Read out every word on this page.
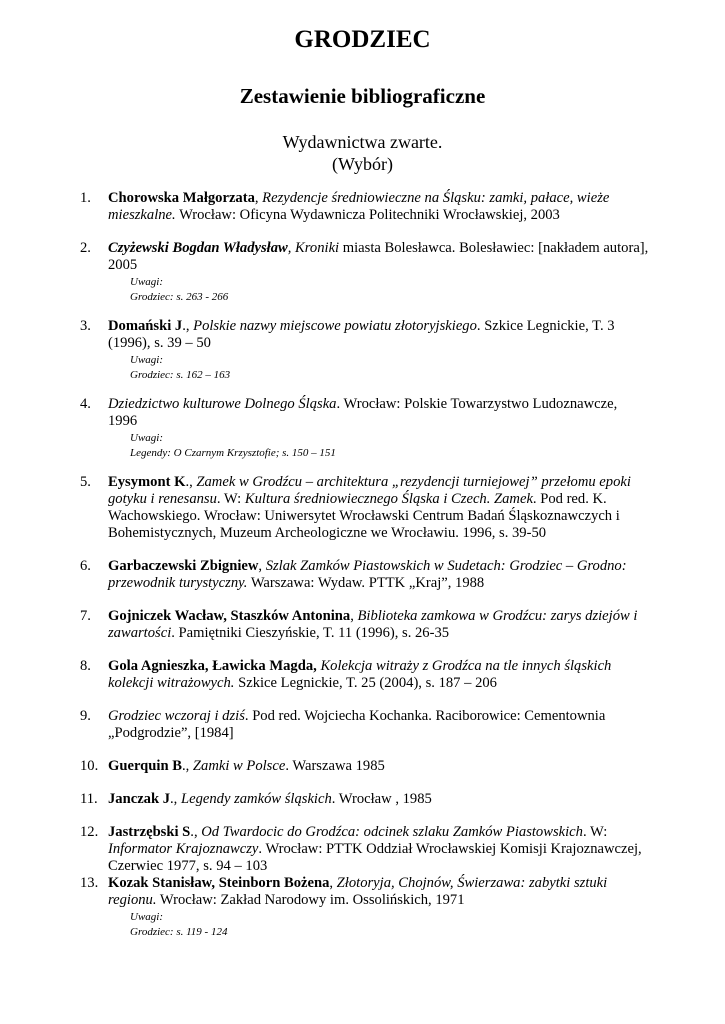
GRODZIEC
Zestawienie bibliograficzne
Wydawnictwa zwarte.
(Wybór)
1. Chorowska Małgorzata, Rezydencje średniowieczne na Śląsku: zamki, pałace, wieże mieszkalne. Wrocław: Oficyna Wydawnicza Politechniki Wrocławskiej, 2003
2. Czyżewski Bogdan Władysław, Kroniki miasta Bolesławca. Bolesławiec: [nakładem autora], 2005
Uwagi:
Grodziec: s. 263 - 266
3. Domański J., Polskie nazwy miejscowe powiatu złotoryjskiego. Szkice Legnickie, T. 3 (1996), s. 39 – 50
Uwagi:
Grodziec: s. 162 – 163
4. Dziedzictwo kulturowe Dolnego Śląska. Wrocław: Polskie Towarzystwo Ludoznawcze, 1996
Uwagi:
Legendy: O Czarnym Krzysztofie; s. 150 – 151
5. Eysymont K., Zamek w Grodźcu – architektura „rezydencji turniejowej” przełomu epoki gotyku i renesansu. W: Kultura średniowiecznego Śląska i Czech. Zamek. Pod red. K. Wachowskiego. Wrocław: Uniwersytet Wrocławski Centrum Badań Śląskoznawczych i Bohemistycznych, Muzeum Archeologiczne we Wrocławiu. 1996, s. 39-50
6. Garbaczewski Zbigniew, Szlak Zamków Piastowskich w Sudetach: Grodziec – Grodno: przewodnik turystyczny. Warszawa: Wydaw. PTTK „Kraj”, 1988
7. Gojniczek Wacław, Staszków Antonina, Biblioteka zamkowa w Grodźcu: zarys dziejów i zawartości. Pamiętniki Cieszyńskie, T. 11 (1996), s. 26-35
8. Gola Agnieszka, Ławicka Magda, Kolekcja witraży z Grodźca na tle innych śląskich kolekcji witrażowych. Szkice Legnickie, T. 25 (2004), s. 187 – 206
9. Grodziec wczoraj i dziś. Pod red. Wojciecha Kochanka. Raciborowice: Cementownia „Podgrodzie”, [1984]
10. Guerquin B., Zamki w Polsce. Warszawa 1985
11. Janczak J., Legendy zamków śląskich. Wrocław , 1985
12. Jastrzębski S., Od Twardocic do Grodźca: odcinek szlaku Zamków Piastowskich. W: Informator Krajoznawczy. Wrocław: PTTK Oddział Wrocławskiej Komisji Krajoznawczej, Czerwiec 1977, s. 94 – 103
13. Kozak Stanisław, Steinborn Bożena, Złotoryja, Chojnów, Świerzawa: zabytki sztuki regionu. Wrocław: Zakład Narodowy im. Ossolińskich, 1971
Uwagi:
Grodziec: s. 119 - 124
